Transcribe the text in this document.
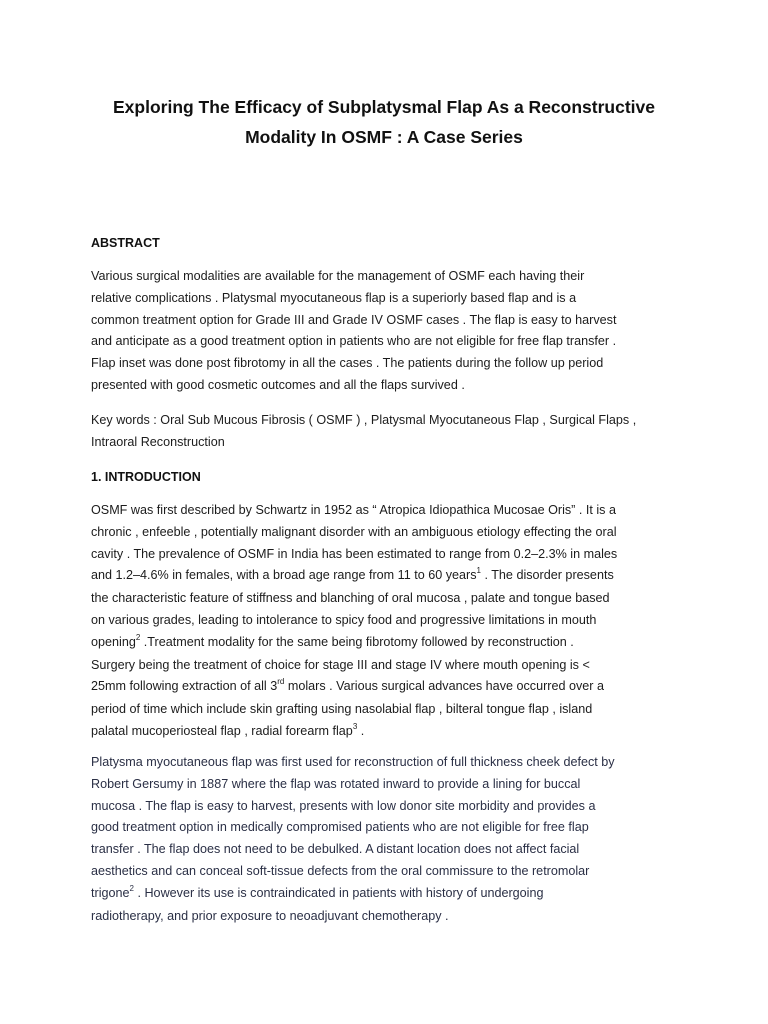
Exploring The Efficacy of Subplatysmal Flap As a Reconstructive
Modality In OSMF : A Case Series
ABSTRACT
Various surgical modalities are available for the management of OSMF each having their
relative complications . Platysmal myocutaneous flap is a superiorly based flap and is a
common treatment option for Grade III and Grade IV OSMF cases . The flap is easy to harvest
and anticipate as a good treatment option in patients who are not eligible for free flap transfer .
Flap inset was done post fibrotomy in all the cases . The patients during the follow up period
presented with good cosmetic outcomes and all the flaps survived .
Key words : Oral Sub Mucous Fibrosis ( OSMF ) , Platysmal Myocutaneous Flap , Surgical Flaps ,
Intraoral Reconstruction
1. INTRODUCTION
OSMF was first described by Schwartz in 1952 as “ Atropica Idiopathica Mucosae Oris” . It is a
chronic , enfeeble , potentially malignant disorder with an ambiguous etiology effecting the oral
cavity . The prevalence of OSMF in India has been estimated to range from 0.2–2.3% in males
and 1.2–4.6% in females, with a broad age range from 11 to 60 years$^1$ . The disorder presents
the characteristic feature of stiffness and blanching of oral mucosa , palate and tongue based
on various grades, leading to intolerance to spicy food and progressive limitations in mouth
opening$^2$ .Treatment modality for the same being fibrotomy followed by reconstruction .
Surgery being the treatment of choice for stage III and stage IV where mouth opening is <
25mm following extraction of all 3rd molars . Various surgical advances have occurred over a
period of time which include skin grafting using nasolabial flap , bilteral tongue flap , island
palatal mucoperiosteal flap , radial forearm flap$^3$ .
Platysma myocutaneous flap was first used for reconstruction of full thickness cheek defect by
Robert Gersumy in 1887 where the flap was rotated inward to provide a lining for buccal
mucosa . The flap is easy to harvest, presents with low donor site morbidity and provides a
good treatment option in medically compromised patients who are not eligible for free flap
transfer . The flap does not need to be debulked. A distant location does not affect facial
aesthetics and can conceal soft-tissue defects from the oral commissure to the retromolar
trigone$^2$ . However its use is contraindicated in patients with history of undergoing
radiotherapy, and prior exposure to neoadjuvant chemotherapy .
